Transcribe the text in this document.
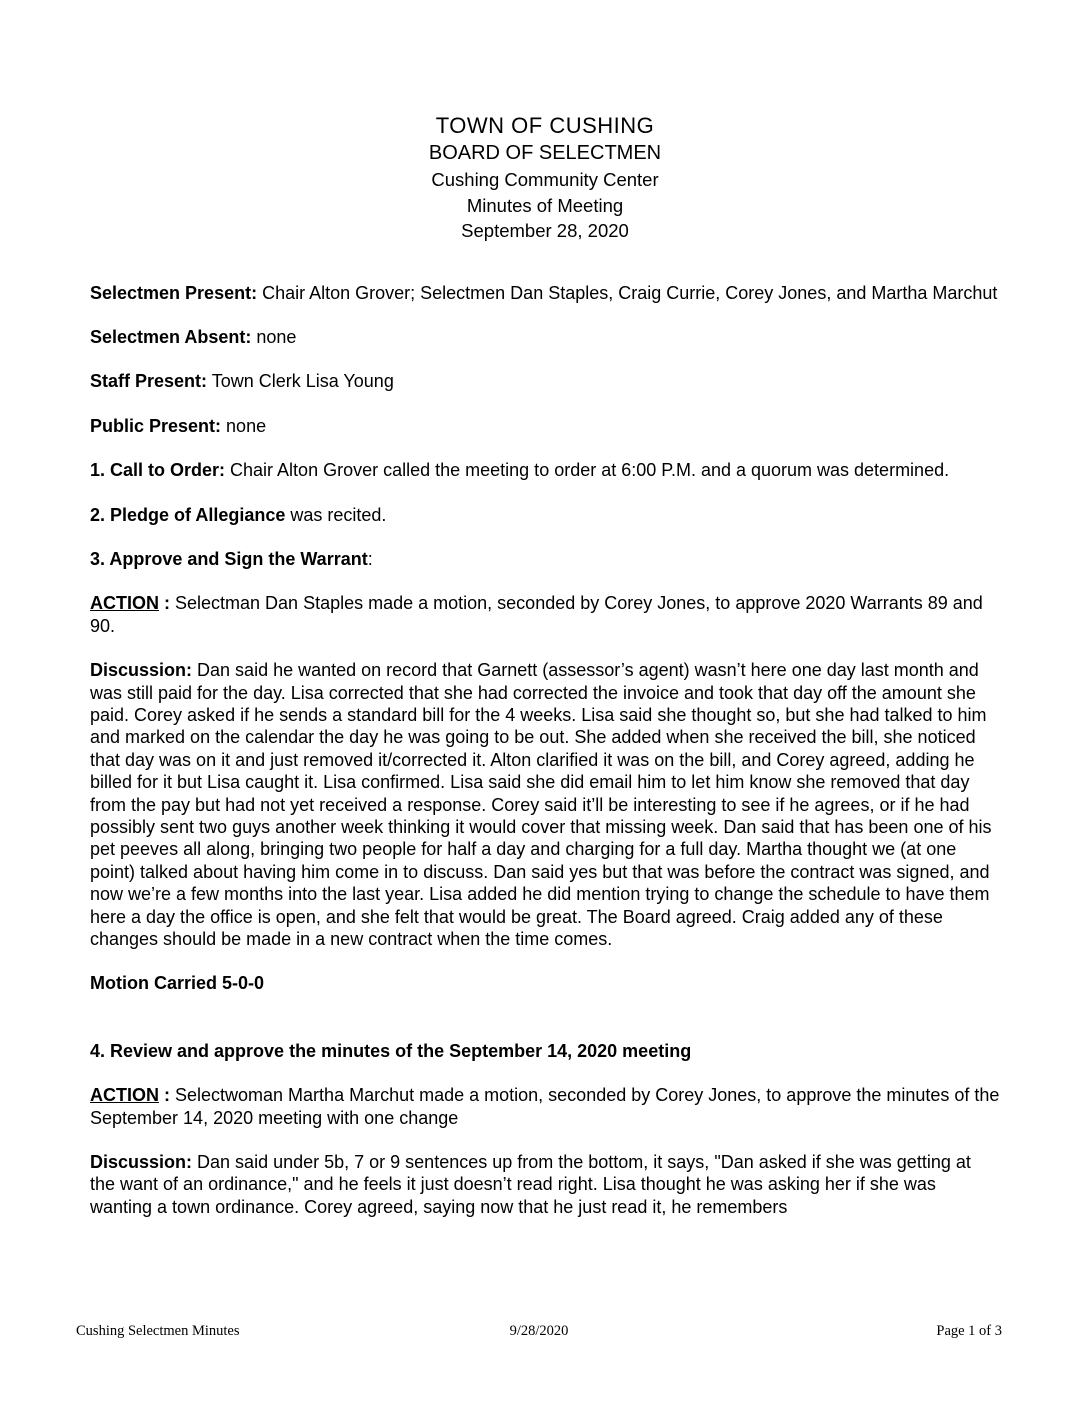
TOWN OF CUSHING
BOARD OF SELECTMEN
Cushing Community Center
Minutes of Meeting
September 28, 2020

Selectmen Present: Chair Alton Grover; Selectmen Dan Staples, Craig Currie, Corey Jones, and Martha Marchut

Selectmen Absent: none

Staff Present: Town Clerk Lisa Young

Public Present: none

1. Call to Order: Chair Alton Grover called the meeting to order at 6:00 P.M. and a quorum was determined.

2. Pledge of Allegiance was recited.

3. Approve and Sign the Warrant:

ACTION : Selectman Dan Staples made a motion, seconded by Corey Jones, to approve 2020 Warrants 89 and 90.

Discussion: Dan said he wanted on record that Garnett (assessor’s agent) wasn’t here one day last month and was still paid for the day. Lisa corrected that she had corrected the invoice and took that day off the amount she paid. Corey asked if he sends a standard bill for the 4 weeks. Lisa said she thought so, but she had talked to him and marked on the calendar the day he was going to be out. She added when she received the bill, she noticed that day was on it and just removed it/corrected it. Alton clarified it was on the bill, and Corey agreed, adding he billed for it but Lisa caught it. Lisa confirmed. Lisa said she did email him to let him know she removed that day from the pay but had not yet received a response. Corey said it’ll be interesting to see if he agrees, or if he had possibly sent two guys another week thinking it would cover that missing week. Dan said that has been one of his pet peeves all along, bringing two people for half a day and charging for a full day. Martha thought we (at one point) talked about having him come in to discuss. Dan said yes but that was before the contract was signed, and now we’re a few months into the last year. Lisa added he did mention trying to change the schedule to have them here a day the office is open, and she felt that would be great. The Board agreed. Craig added any of these changes should be made in a new contract when the time comes.

Motion Carried 5-0-0

4. Review and approve the minutes of the September 14, 2020 meeting

ACTION : Selectwoman Martha Marchut made a motion, seconded by Corey Jones, to approve the minutes of the September 14, 2020 meeting with one change

Discussion: Dan said under 5b, 7 or 9 sentences up from the bottom, it says, "Dan asked if she was getting at the want of an ordinance," and he feels it just doesn’t read right. Lisa thought he was asking her if she was wanting a town ordinance. Corey agreed, saying now that he just read it, he remembers

Cushing Selectmen Minutes	9/28/2020	Page 1 of 3
